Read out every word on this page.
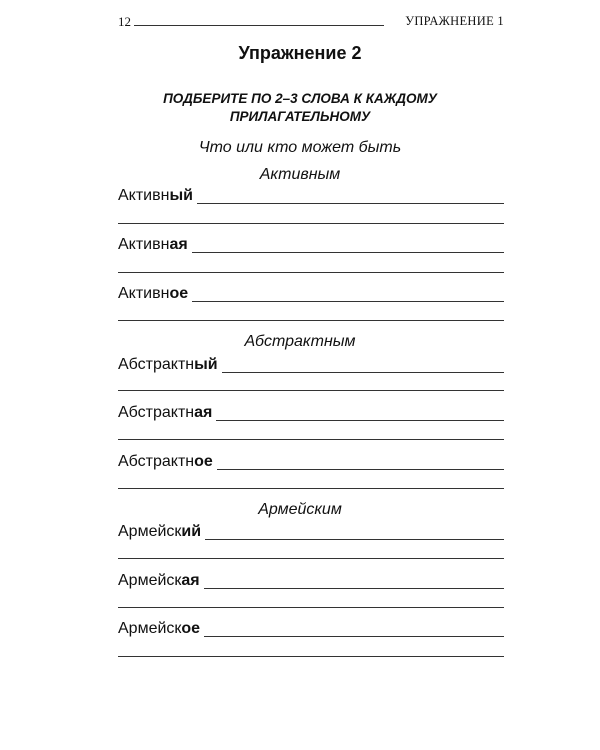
12	УПРАЖНЕНИЕ 1
Упражнение 2
ПОДБЕРИТЕ ПО 2–3 СЛОВА К КАЖДОМУ
ПРИЛАГАТЕЛЬНОМУ
Что или кто может быть
Активным
Активный
Активная
Активное
Абстрактным
Абстрактный
Абстрактная
Абстрактное
Армейским
Армейский
Армейская
Армейское
